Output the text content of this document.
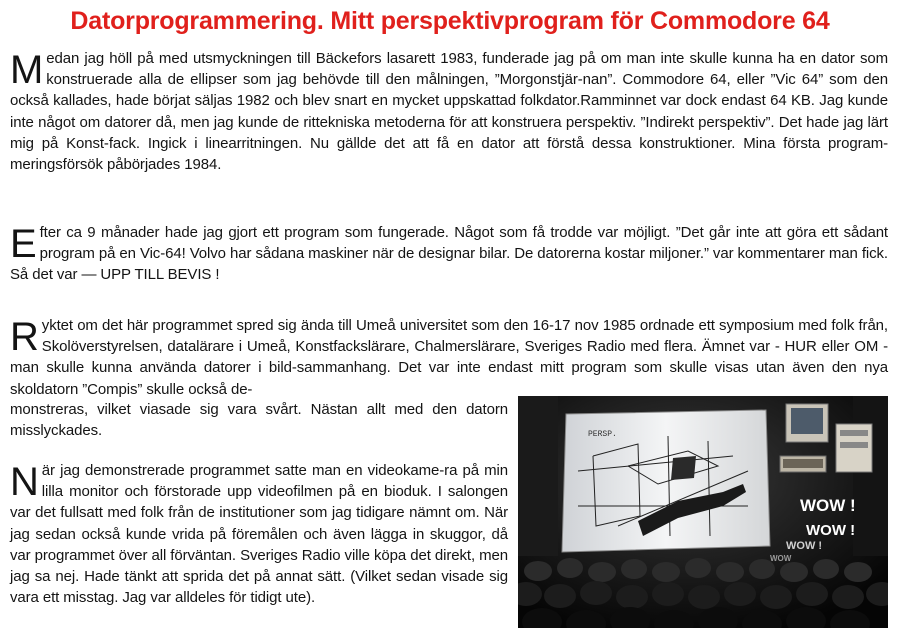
Datorprogrammering. Mitt perspektivprogram för Commodore 64
Medan jag höll på med utsmyckningen till Bäckefors lasarett 1983, funderade jag på om man inte skulle kunna ha en dator som konstruerade alla de ellipser som jag behövde till den målningen, ”Morgonstjär-nan”. Commodore 64, eller ”Vic 64” som den också kallades, hade börjat säljas 1982 och blev snart en mycket uppskattad folkdator.Ramminnet var dock endast 64 KB. Jag kunde inte något om datorer då, men jag kunde de rittekniska metoderna för att konstruera perspektiv. ”Indirekt perspektiv”. Det hade jag lärt mig på Konst-fack. Ingick i linearritningen. Nu gällde det att få en dator att förstå dessa konstruktioner. Mina första program-meringsförsök påbörjades 1984.
Efter ca 9 månader hade jag gjort ett program som fungerade. Något som få trodde var möjligt. ”Det går inte att göra ett sådant program på en Vic-64! Volvo har sådana maskiner när de designar bilar. De datorerna kostar miljoner.” var kommentarer man fick. Så det var — UPP TILL BEVIS !
Ryktet om det här programmet spred sig ända till Umeå universitet som den 16-17 nov 1985 ordnade ett symposium med folk från, Skolöverstyrelsen, datalärare i Umeå, Konstfackslärare, Chalmerslärare, Sveriges Radio med flera. Ämnet var - HUR eller OM - man skulle kunna använda datorer i bild-sammanhang. Det var inte endast mitt program som skulle visas utan även den nya skoldatorn ”Compis” skulle också de-
monstreras, vilket viasade sig vara svårt. Nästan allt med den datorn misslyckades.
När jag demonstrerade programmet satte man en videokame-ra på min lilla monitor och förstorade upp videofilmen på en bioduk. I salongen var det fullsatt med folk från de institutioner som jag tidigare nämnt om. När jag sedan också kunde vrida på föremålen och även lägga in skuggor, då var programmet över all förväntan. Sveriges Radio ville köpa det direkt, men jag sa nej. Hade tänkt att sprida det på annat sätt. (Vilket sedan visade sig vara ett misstag. Jag var alldeles för tidigt ute).
PERSP.
WOW !
WOW !
WOW !
WOW
